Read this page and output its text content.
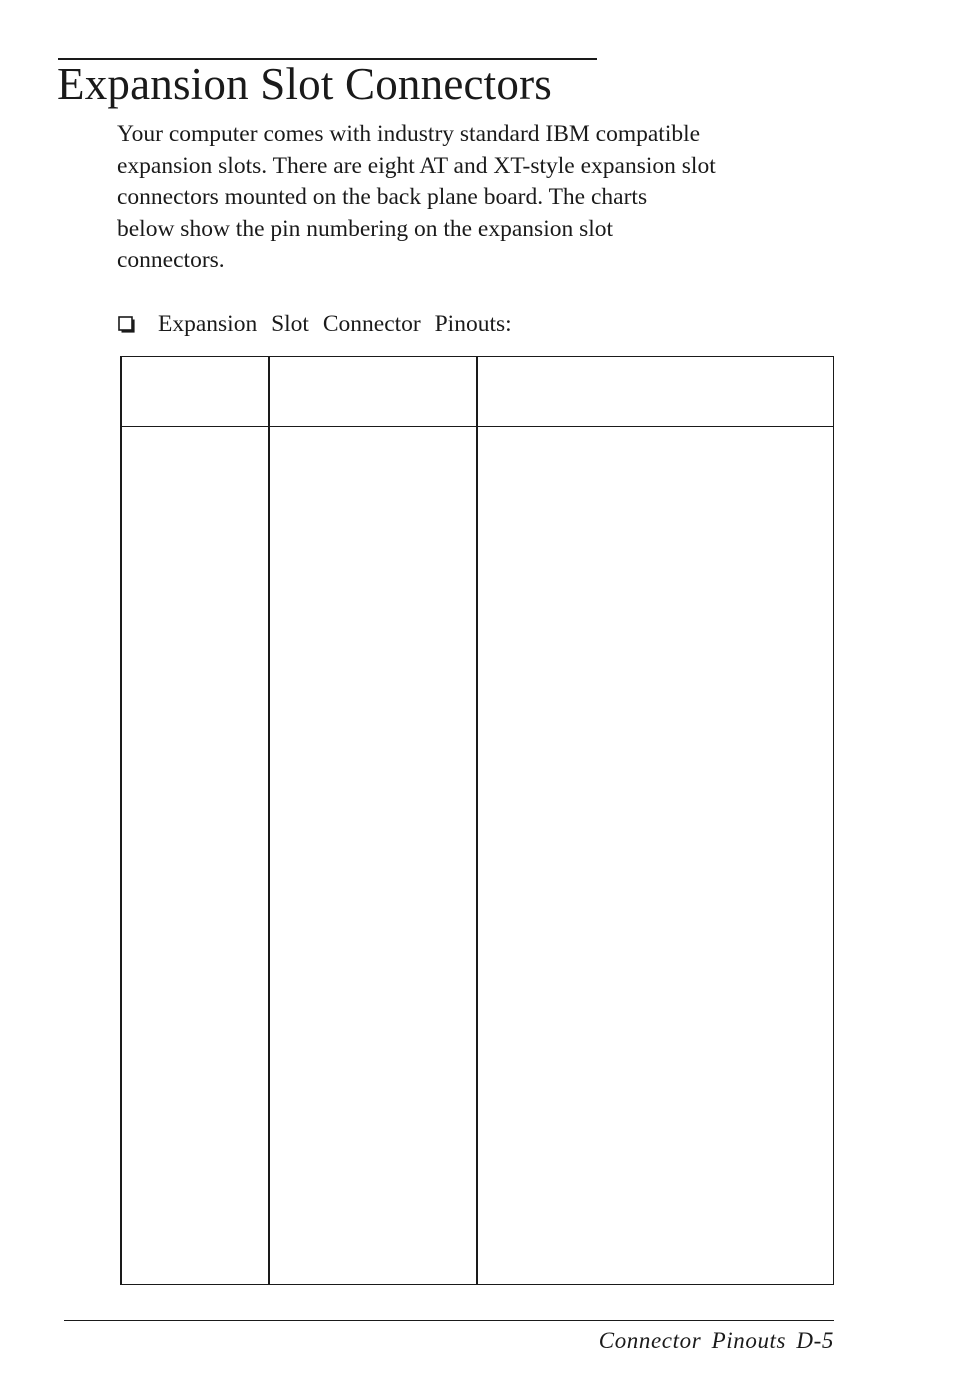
Expansion Slot Connectors

Your computer comes with industry standard IBM compatible
expansion slots. There are eight AT and XT-style expansion slot
connectors mounted on the back plane board. The charts
below show the pin numbering on the expansion slot
connectors.

Expansion Slot Connector Pinouts:

Connector Pinouts D-5
